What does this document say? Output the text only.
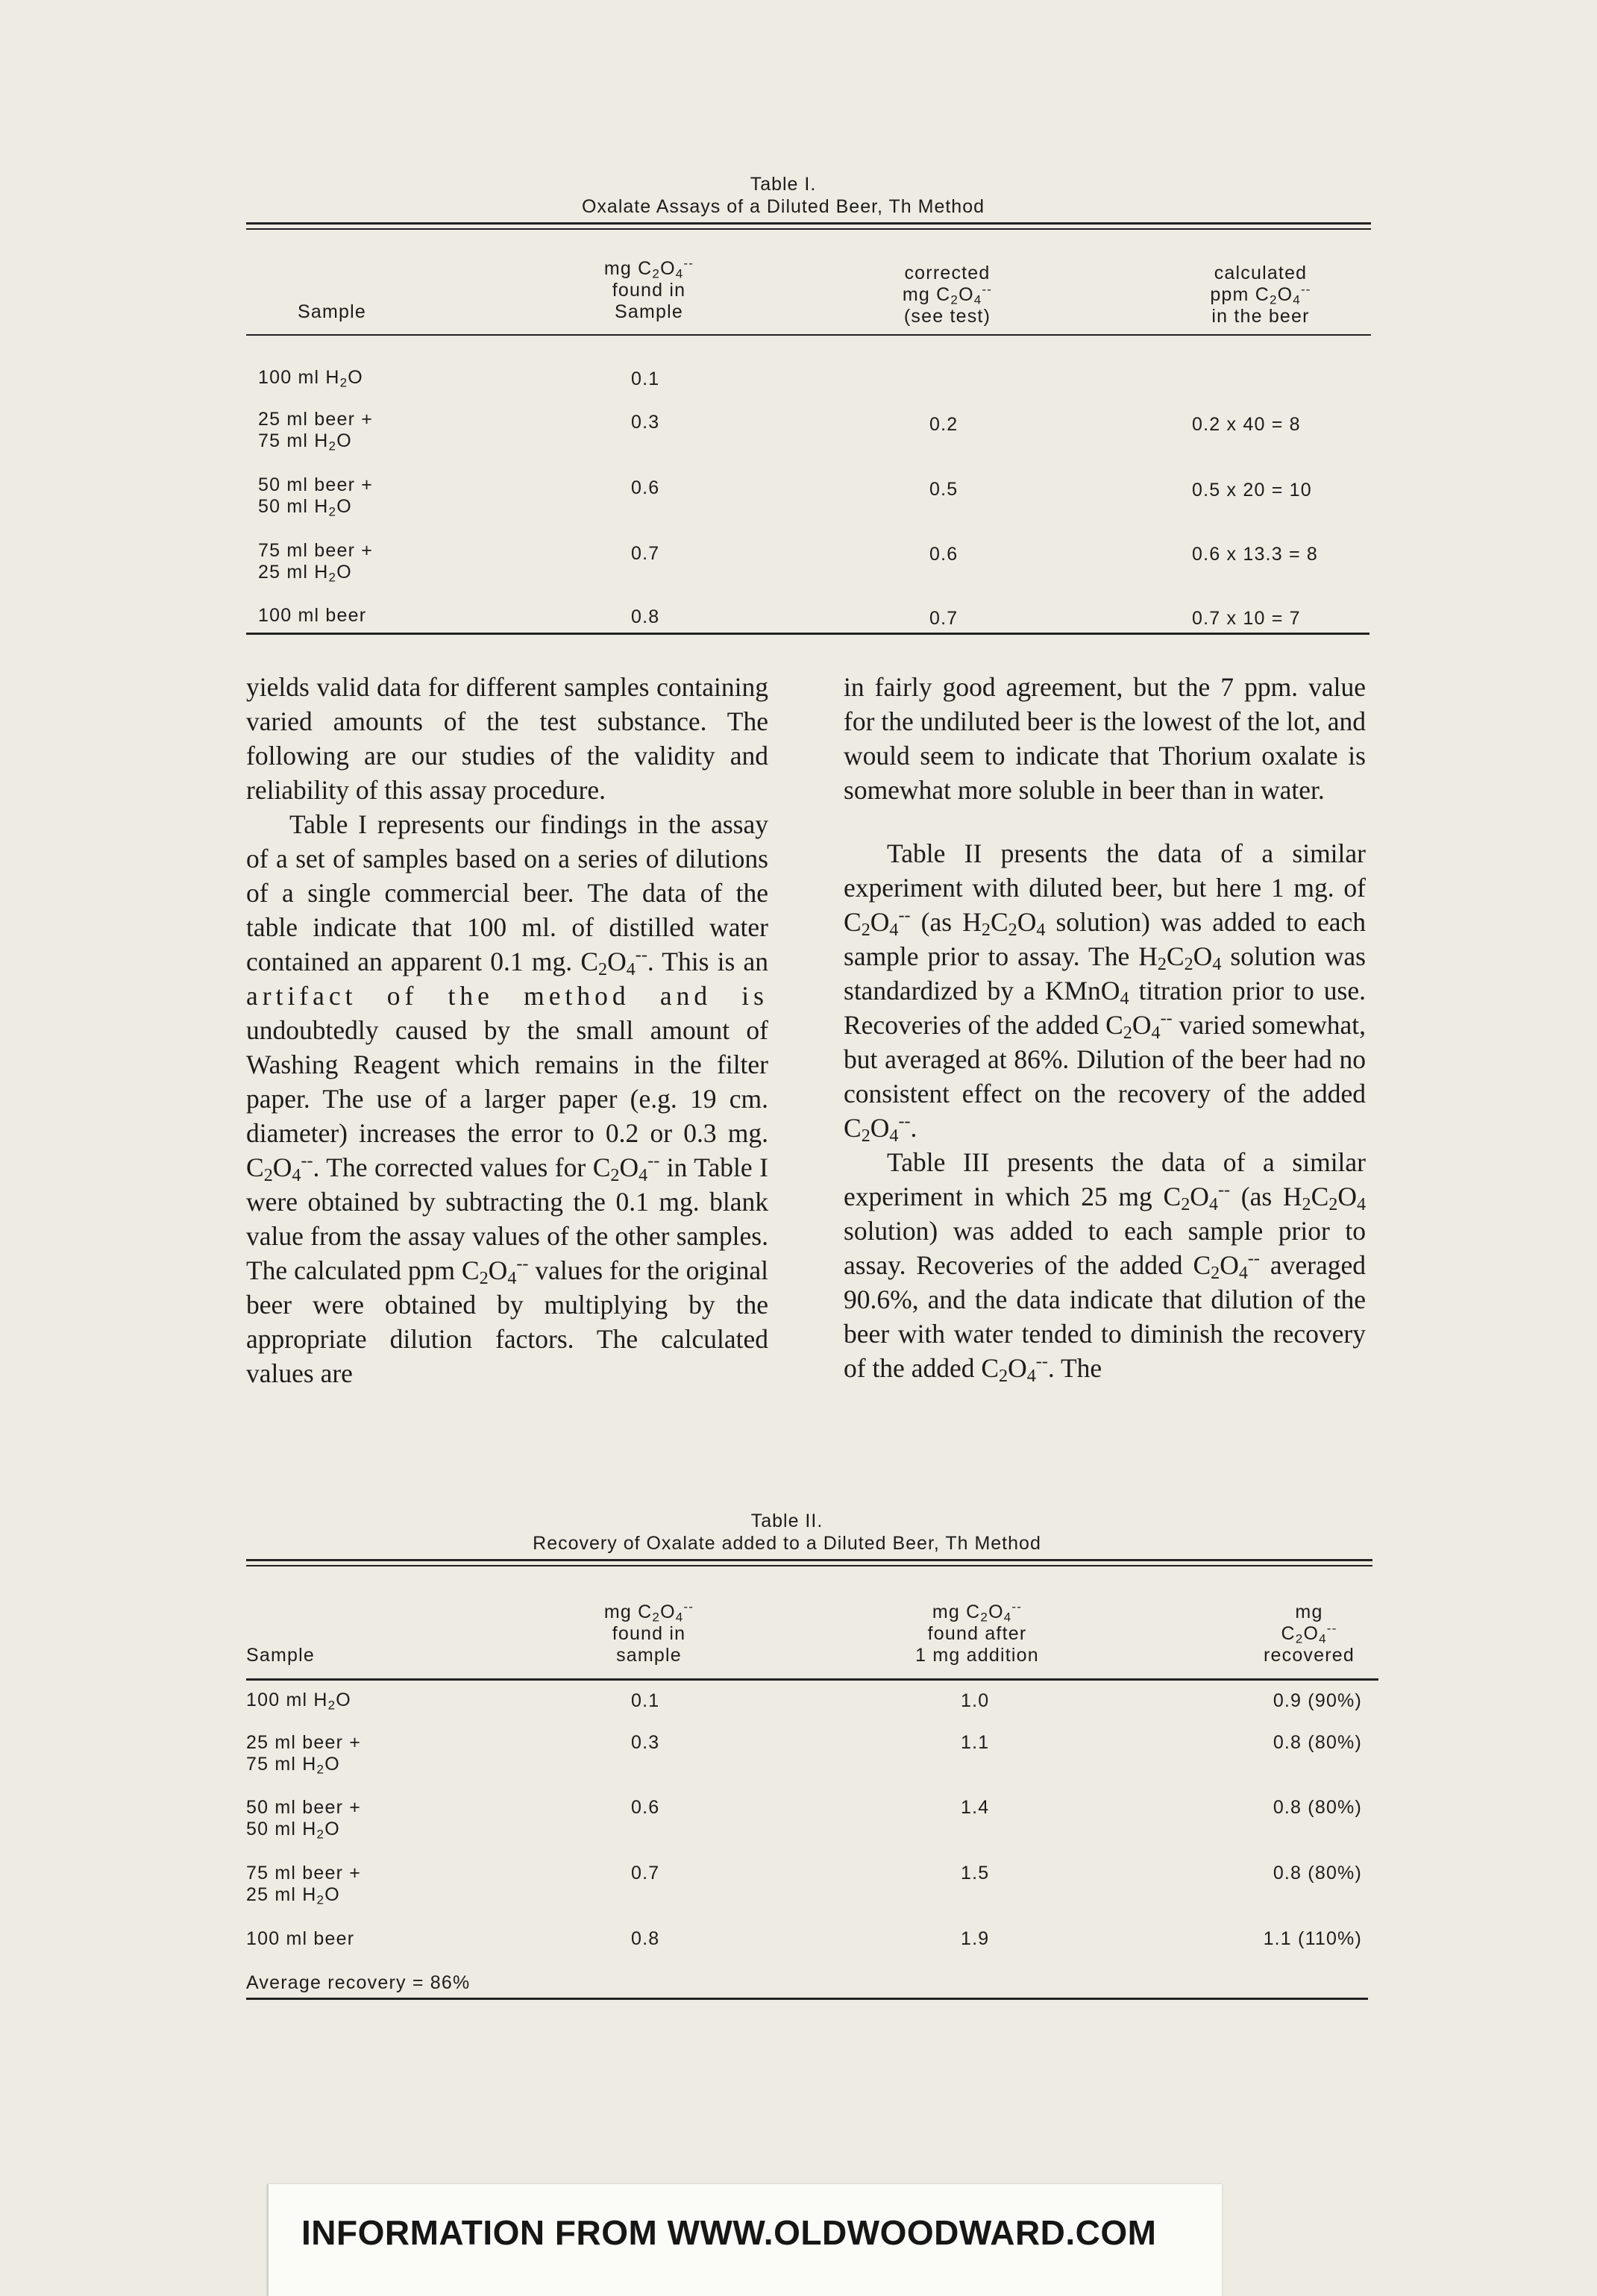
Table I.
Oxalate Assays of a Diluted Beer, Th Method
Sample
mg $C_2O_4^{--}$
found in
Sample
corrected
mg $C_2O_4^{--}$
(see test)
calculated
ppm $C_2O_4^{--}$
in the beer
100 ml $H_2O$	0.1
25 ml beer +
75 ml $H_2O$
0.3	0.2	0.2 x 40 = 8
50 ml beer +
50 ml $H_2O$
0.6	0.5	0.5 x 20 = 10
75 ml beer +
25 ml $H_2O$
0.7	0.6	0.6 x 13.3 = 8
100 ml beer	0.8	0.7	0.7 x 10 = 7

yields valid data for different samples containing varied amounts of the test substance. The following are our studies of the validity and reliability of this assay procedure.

Table I represents our findings in the assay of a set of samples based on a series of dilutions of a single commercial beer. The data of the table indicate that 100 ml. of distilled water contained an apparent 0.1 mg. $C_2O_4^{--}$. This is an artifact of the method and is undoubtedly caused by the small amount of Washing Reagent which remains in the filter paper. The use of a larger paper (e.g. 19 cm. diameter) increases the error to 0.2 or 0.3 mg. $C_2O_4^{--}$. The corrected values for $C_2O_4^{--}$ in Table I were obtained by subtracting the 0.1 mg. blank value from the assay values of the other samples. The calculated ppm $C_2O_4^{--}$ values for the original beer were obtained by multiplying by the appropriate dilution factors. The calculated values are

in fairly good agreement, but the 7 ppm. value for the undiluted beer is the lowest of the lot, and would seem to indicate that Thorium oxalate is somewhat more soluble in beer than in water.

Table II presents the data of a similar experiment with diluted beer, but here 1 mg. of $C_2O_4^{--}$ (as $H_2C_2O_4$ solution) was added to each sample prior to assay. The $H_2C_2O_4$ solution was standardized by a KMnO$_4$ titration prior to use. Recoveries of the added $C_2O_4^{--}$ varied somewhat, but averaged at 86%. Dilution of the beer had no consistent effect on the recovery of the added $C_2O_4^{--}$.

Table III presents the data of a similar experiment in which 25 mg $C_2O_4^{--}$ (as $H_2C_2O_4$ solution) was added to each sample prior to assay. Recoveries of the added $C_2O_4^{--}$ averaged 90.6%, and the data indicate that dilution of the beer with water tended to diminish the recovery of the added $C_2O_4^{--}$. The

Table II.
Recovery of Oxalate added to a Diluted Beer, Th Method
Sample
mg $C_2O_4^{--}$
found in
sample
mg $C_2O_4^{--}$
found after
1 mg addition
mg
$C_2O_4^{--}$
recovered
100 ml $H_2O$	0.1	1.0	0.9 (90%)
25 ml beer +
75 ml $H_2O$
0.3	1.1	0.8 (80%)
50 ml beer +
50 ml $H_2O$
0.6	1.4	0.8 (80%)
75 ml beer +
25 ml $H_2O$
0.7	1.5	0.8 (80%)
100 ml beer	0.8	1.9	1.1 (110%)
Average recovery = 86%
INFORMATION FROM WWW.OLDWOODWARD.COM
